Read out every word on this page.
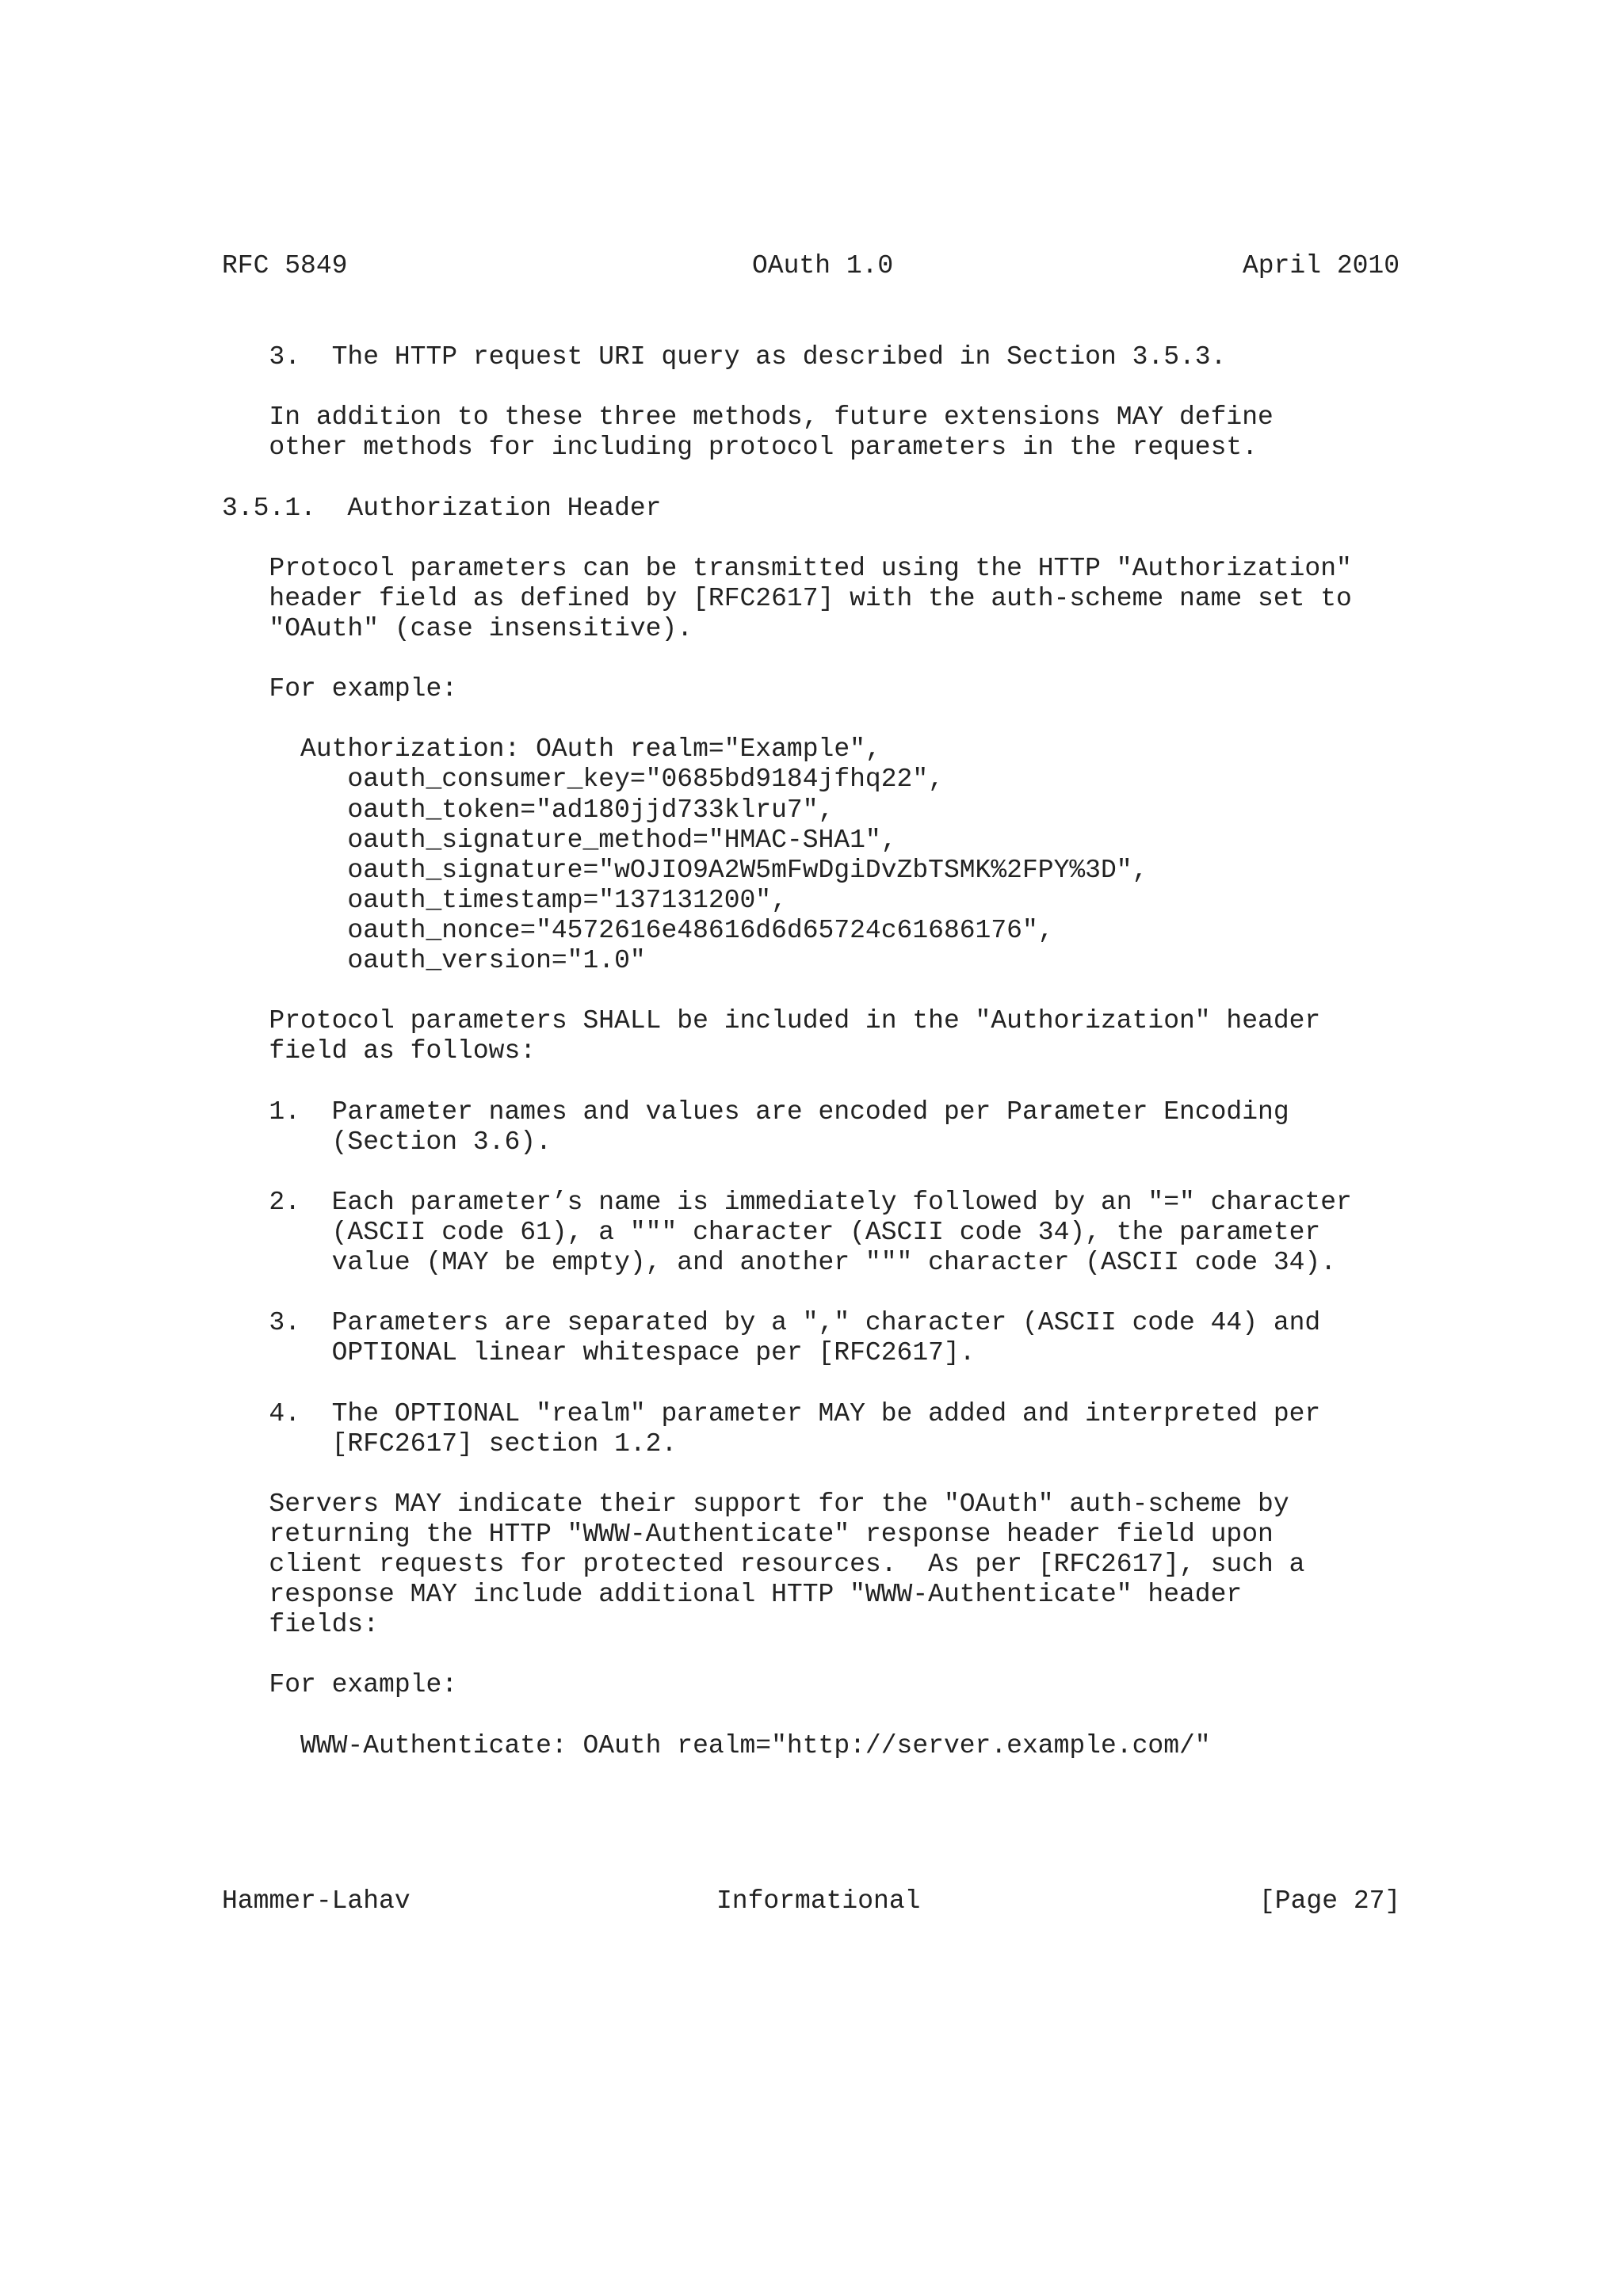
RFC 5849	OAuth 1.0	April 2010
3.  The HTTP request URI query as described in Section 3.5.3.
In addition to these three methods, future extensions MAY define
other methods for including protocol parameters in the request.
3.5.1.  Authorization Header
Protocol parameters can be transmitted using the HTTP "Authorization"
header field as defined by [RFC2617] with the auth-scheme name set to
"OAuth" (case insensitive).
For example:
Authorization: OAuth realm="Example",
oauth_consumer_key="0685bd9184jfhq22",
oauth_token="ad180jjd733klru7",
oauth_signature_method="HMAC-SHA1",
oauth_signature="wOJIO9A2W5mFwDgiDvZbTSMK%2FPY%3D",
oauth_timestamp="137131200",
oauth_nonce="4572616e48616d6d65724c61686176",
oauth_version="1.0"
Protocol parameters SHALL be included in the "Authorization" header
field as follows:
1.  Parameter names and values are encoded per Parameter Encoding
(Section 3.6).
2.  Each parameter’s name is immediately followed by an "=" character
(ASCII code 61), a """ character (ASCII code 34), the parameter
value (MAY be empty), and another """ character (ASCII code 34).
3.  Parameters are separated by a "," character (ASCII code 44) and
OPTIONAL linear whitespace per [RFC2617].
4.  The OPTIONAL "realm" parameter MAY be added and interpreted per
[RFC2617] section 1.2.
Servers MAY indicate their support for the "OAuth" auth-scheme by
returning the HTTP "WWW-Authenticate" response header field upon
client requests for protected resources.  As per [RFC2617], such a
response MAY include additional HTTP "WWW-Authenticate" header
fields:
For example:
WWW-Authenticate: OAuth realm="http://server.example.com/"
Hammer-Lahav	Informational	[Page 27]
